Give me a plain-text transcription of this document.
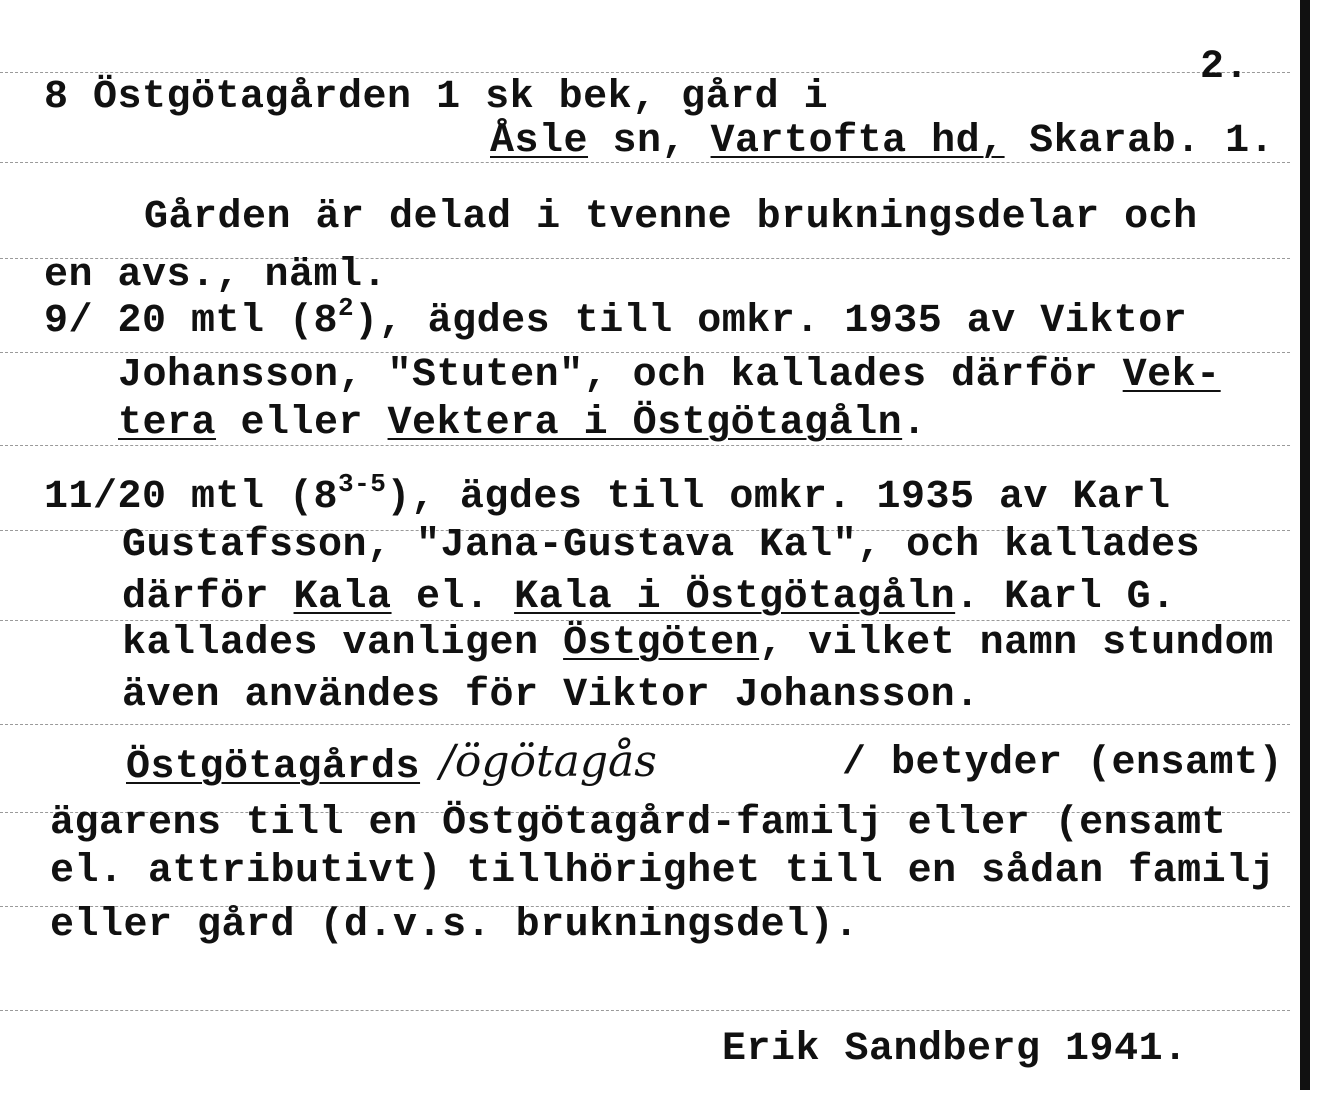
2.
8 Östgötagården 1 sk bek, gård i
Åsle sn, Vartofta hd, Skarab. 1.
Gården är delad i tvenne brukningsdelar och
en avs., näml.
9/ 20 mtl $(8^2)$, ägdes till omkr. 1935 av Viktor
Johansson, "Stuten", och kallades därför Vek-
tera eller Vektera i Östgötagåln.
11/20 mtl (8$^{3-5}$), ägdes till omkr. 1935 av Karl
Gustafsson, "Jana-Gustava Kal", och kallades
därför Kala el. Kala i Östgötagåln. Karl G.
kallades vanligen Östgöten, vilket namn stundom
även användes för Viktor Johansson.
Östgötagårds /ögötagås	/ betyder (ensamt)
ägarens till en Östgötagård-familj eller (ensamt
el. attributivt) tillhörighet till en sådan familj
eller gård (d.v.s. brukningsdel).
Erik Sandberg 1941.
